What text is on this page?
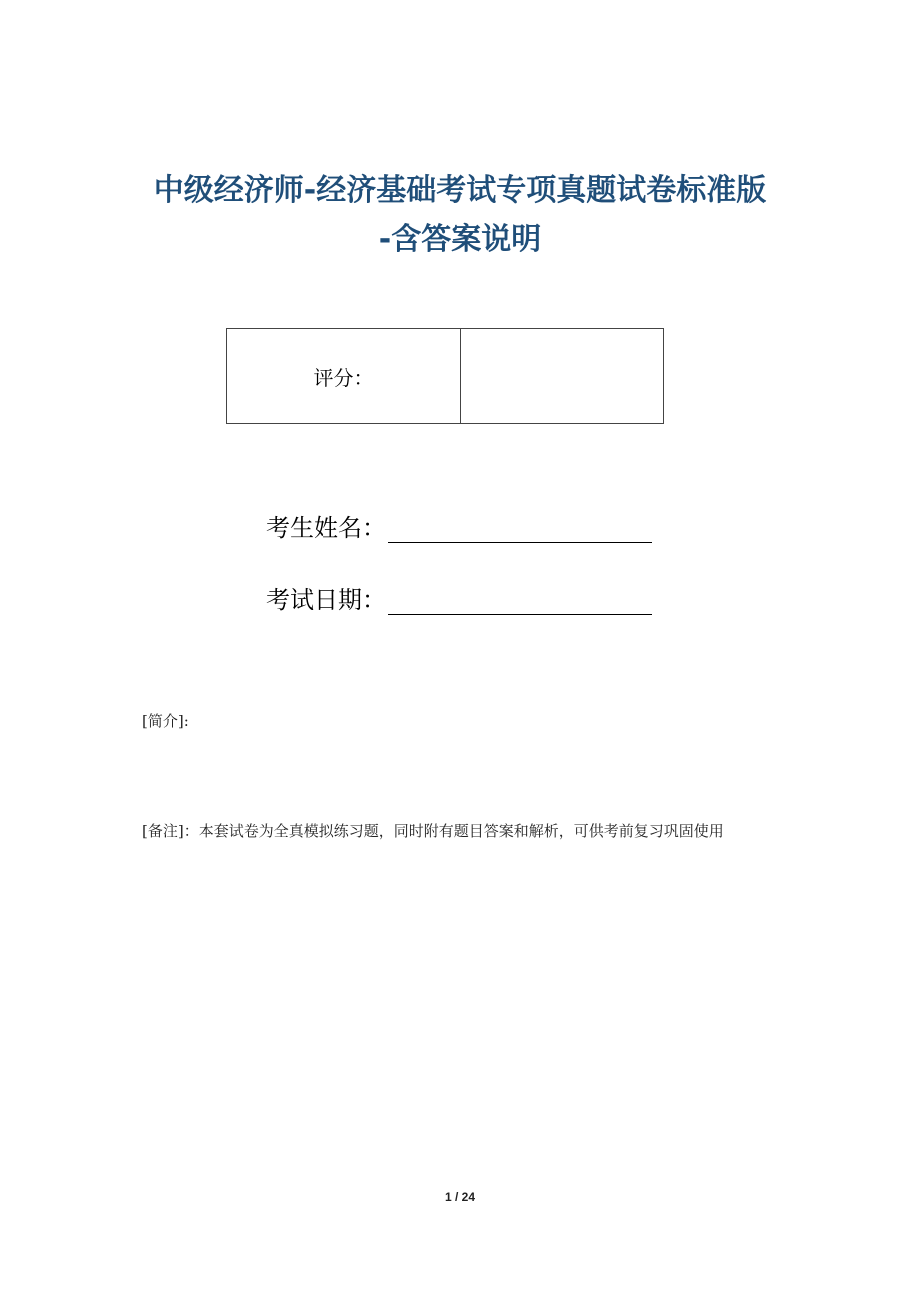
中级经济师-经济基础考试专项真题试卷标准版
-含答案说明
评分：
考生姓名：
考试日期：
[简介]:
[备注]：本套试卷为全真模拟练习题，同时附有题目答案和解析，可供考前复习巩固使用
1 / 24
